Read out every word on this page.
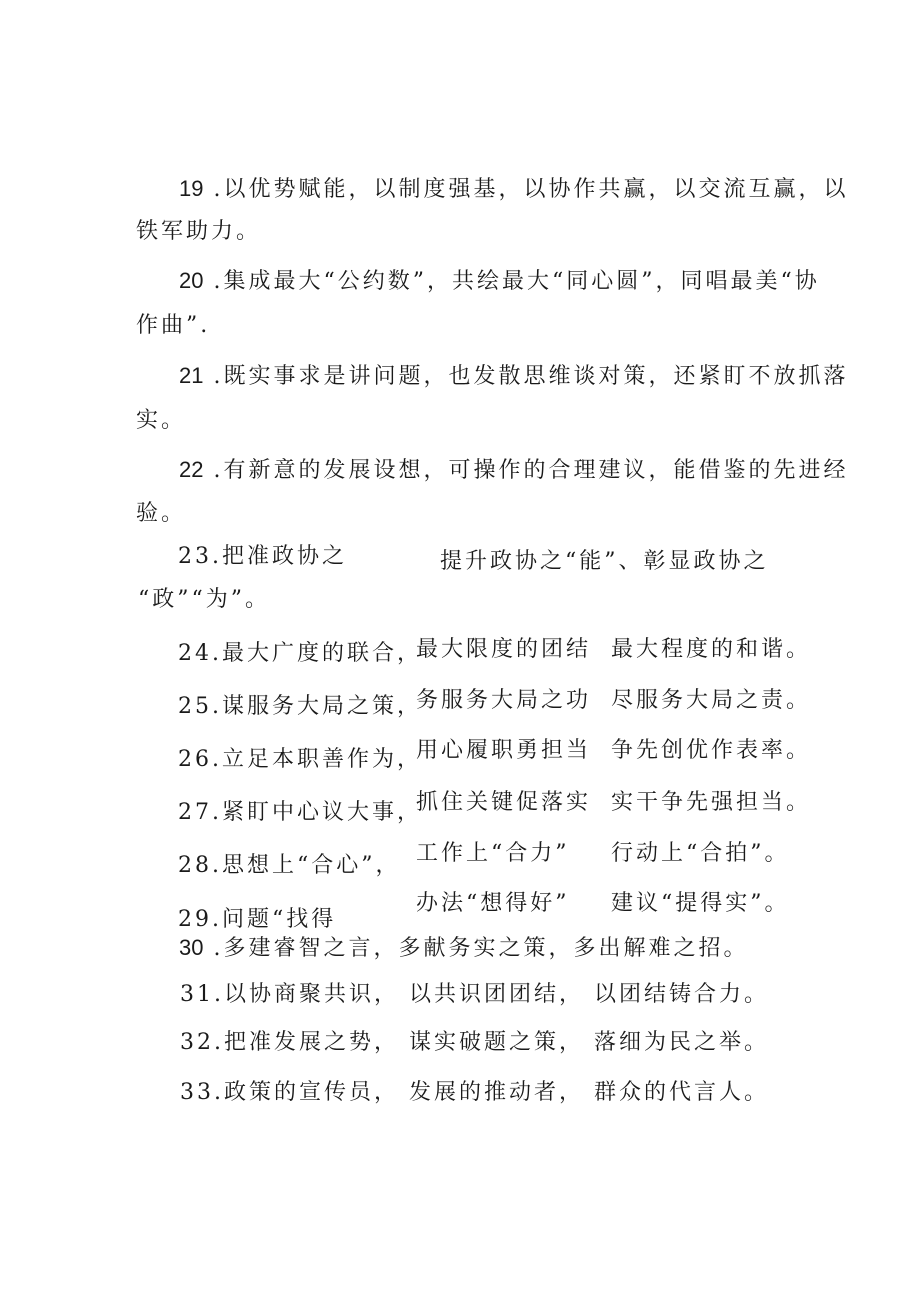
19 .以优势赋能，以制度强基，以协作共赢，以交流互赢，以
铁军助力。
20 .集成最大“公约数”，共绘最大“同心圆”，同唱最美“协
作曲”.
21 .既实事求是讲问题，也发散思维谈对策，还紧盯不放抓落
实。
22 .有新意的发展设想，可操作的合理建议，能借鉴的先进经
验。
23.把准政协之	提升政协之“能”、彰显政协之
“政”“为”。
24.最大广度的联合，
最大限度的团结 最大程度的和谐。
25.谋服务大局之策，
务服务大局之功 尽服务大局之责。
26.立足本职善作为，
用心履职勇担当 争先创优作表率。
27.紧盯中心议大事，
抓住关键促落实 实干争先强担当。
28.思想上“合心”， 工作上“合力” 行动上“合拍”。
29.问题“找得
办法“想得好” 建议“提得实”。
30 .多建睿智之言，多献务实之策，多出解难之招。
31.以协商聚共识， 以共识团团结， 以团结铸合力。
32.把准发展之势， 谋实破题之策， 落细为民之举。
33.政策的宣传员， 发展的推动者， 群众的代言人。
